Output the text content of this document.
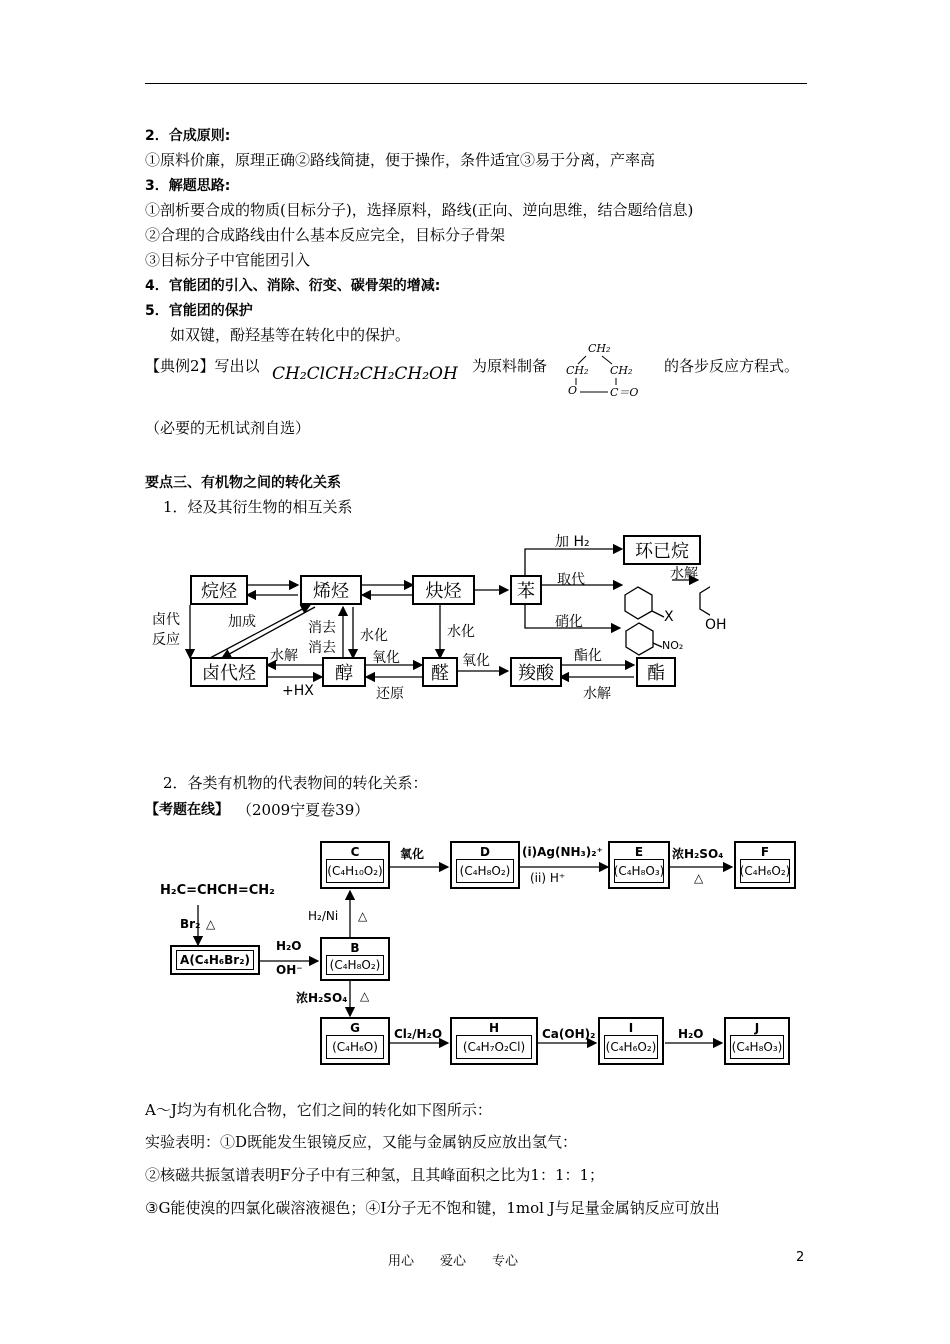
2．合成原则:
①原料价廉，原理正确②路线简捷，便于操作，条件适宜③易于分离，产率高
3．解题思路:
①剖析要合成的物质(目标分子)，选择原料，路线(正向、逆向思维，结合题给信息)
②合理的合成路线由什么基本反应完全，目标分子骨架
③目标分子中官能团引入
4．官能团的引入、消除、衍变、碳骨架的增减:
5．官能团的保护
如双键，酚羟基等在转化中的保护。
【典例2】写出以 CH₂ClCH₂CH₂CH₂OH 为原料制备
CH₂
CH₂ CH₂
O	C＝O
的各步反应方程式。
（必要的无机试剂自选）
要点三、有机物之间的转化关系
1．烃及其衍生物的相互关系
烷烃	烯烃	炔烃	苯
环已烷
卤代烃	醇	醛	羧酸	酯
加 H₂
取代	水解
X OH
硝化
NO₂
卤代
反应
加成	消去
消去
水化	水化
水解	氧化	氧化	酯化
+HX	还原	水解
2．各类有机物的代表物间的转化关系：
【考题在线】 （2009宁夏卷39）
H₂C=CHCH=CH₂
C
(C₄H₁₀O₂)
D
(C₄H₈O₂)
E
(C₄H₈O₃)
F
(C₄H₆O₂)
A(C₄H₆Br₂)
B
(C₄H₈O₂)
G
(C₄H₆O)
H
(C₄H₇O₂Cl)
I
(C₄H₆O₂)
J
(C₄H₈O₃)
氧化	(i)Ag(NH₃)₂⁺
(ii) H⁺
浓H₂SO₄
△
Br₂ △
H₂O
OH⁻
H₂/Ni △
浓H₂SO₄ △
Cl₂/H₂O	Ca(OH)₂	H₂O
A～J均为有机化合物，它们之间的转化如下图所示：
实验表明：①D既能发生银镜反应，又能与金属钠反应放出氢气：
②核磁共振氢谱表明F分子中有三种氢，且其峰面积之比为1：1：1；
③G能使溴的四氯化碳溶液褪色；④I分子无不饱和键，1mol J与足量金属钠反应可放出
用心　　爱心　　专心	2
